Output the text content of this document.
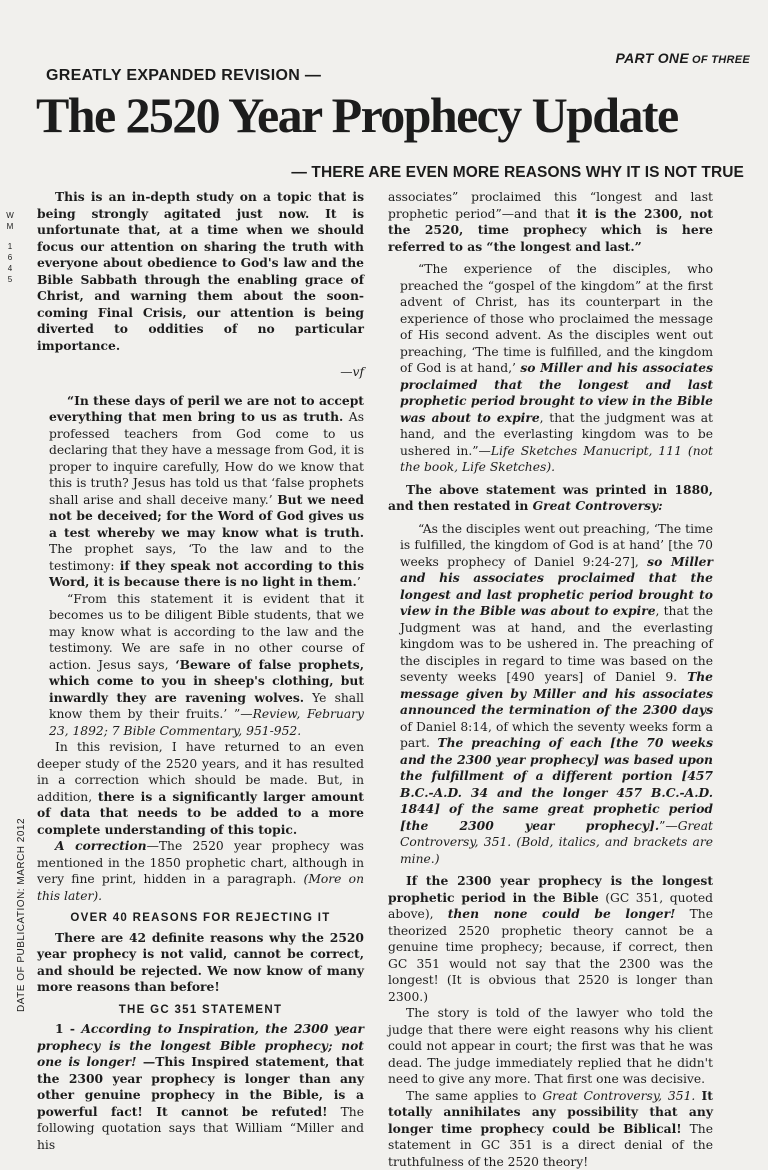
PART ONE OF THREE
GREATLY EXPANDED REVISION —
The 2520 Year Prophecy Update
— THERE ARE EVEN MORE REASONS WHY IT IS NOT TRUE
W
M
1
6
4
5
DATE OF PUBLICATION: MARCH 2012

This is an in-depth study on a topic that is being strongly agitated just now. It is unfortunate that, at a time when we should focus our attention on sharing the truth with everyone about obedience to God's law and the Bible Sabbath through the enabling grace of Christ, and warning them about the soon-coming Final Crisis, our attention is being diverted to oddities of no particular importance.

—vf

“In these days of peril we are not to accept everything that men bring to us as truth. As professed teachers from God come to us declaring that they have a message from God, it is proper to inquire carefully, How do we know that this is truth? Jesus has told us that ‘false prophets shall arise and shall deceive many.’ But we need not be deceived; for the Word of God gives us a test whereby we may know what is truth. The prophet says, ‘To the law and to the testimony: if they speak not according to this Word, it is because there is no light in them.’

“From this statement it is evident that it becomes us to be diligent Bible students, that we may know what is according to the law and the testimony. We are safe in no other course of action. Jesus says, ‘Beware of false prophets, which come to you in sheep's clothing, but inwardly they are ravening wolves. Ye shall know them by their fruits.’ ”—Review, February 23, 1892; 7 Bible Commentary, 951-952.

In this revision, I have returned to an even deeper study of the 2520 years, and it has resulted in a correction which should be made. But, in addition, there is a significantly larger amount of data that needs to be added to a more complete understanding of this topic.

A correction—The 2520 year prophecy was mentioned in the 1850 prophetic chart, although in very fine print, hidden in a paragraph. (More on this later).

OVER 40 REASONS FOR REJECTING IT

There are 42 definite reasons why the 2520 year prophecy is not valid, cannot be correct, and should be rejected. We now know of many more reasons than before!

THE GC 351 STATEMENT

1 - According to Inspiration, the 2300 year prophecy is the longest Bible prophecy; not one is longer! —This Inspired statement, that the 2300 year prophecy is longer than any other genuine prophecy in the Bible, is a powerful fact! It cannot be refuted! The following quotation says that William “Miller and his

associates” proclaimed this “longest and last prophetic period”—and that it is the 2300, not the 2520, time prophecy which is here referred to as “the longest and last.”

“The experience of the disciples, who preached the “gospel of the kingdom” at the first advent of Christ, has its counterpart in the experience of those who proclaimed the message of His second advent. As the disciples went out preaching, ‘The time is fulfilled, and the kingdom of God is at hand,’ so Miller and his associates proclaimed that the longest and last prophetic period brought to view in the Bible was about to expire, that the judgment was at hand, and the everlasting kingdom was to be ushered in.”—Life Sketches Manucript, 111 (not the book, Life Sketches).

The above statement was printed in 1880, and then restated in Great Controversy:

“As the disciples went out preaching, ‘The time is fulfilled, the kingdom of God is at hand’ [the 70 weeks prophecy of Daniel 9:24-27], so Miller and his associates proclaimed that the longest and last prophetic period brought to view in the Bible was about to expire, that the Judgment was at hand, and the everlasting kingdom was to be ushered in. The preaching of the disciples in regard to time was based on the seventy weeks [490 years] of Daniel 9. The message given by Miller and his associates announced the termination of the 2300 days of Daniel 8:14, of which the seventy weeks form a part. The preaching of each [the 70 weeks and the 2300 year prophecy] was based upon the fulfillment of a different portion [457 B.C.-A.D. 34 and the longer 457 B.C.-A.D. 1844] of the same great prophetic period [the 2300 year prophecy].”—Great Controversy, 351. (Bold, italics, and brackets are mine.)

If the 2300 year prophecy is the longest prophetic period in the Bible (GC 351, quoted above), then none could be longer! The theorized 2520 prophetic theory cannot be a genuine time prophecy; because, if correct, then GC 351 would not say that the 2300 was the longest! (It is obvious that 2520 is longer than 2300.)

The story is told of the lawyer who told the judge that there were eight reasons why his client could not appear in court; the first was that he was dead. The judge immediately replied that he didn't need to give any more. That first one was decisive.

The same applies to Great Controversy, 351. It totally annihilates any possibility that any longer time prophecy could be Biblical! The statement in GC 351 is a direct denial of the truthfulness of the 2520 theory!
